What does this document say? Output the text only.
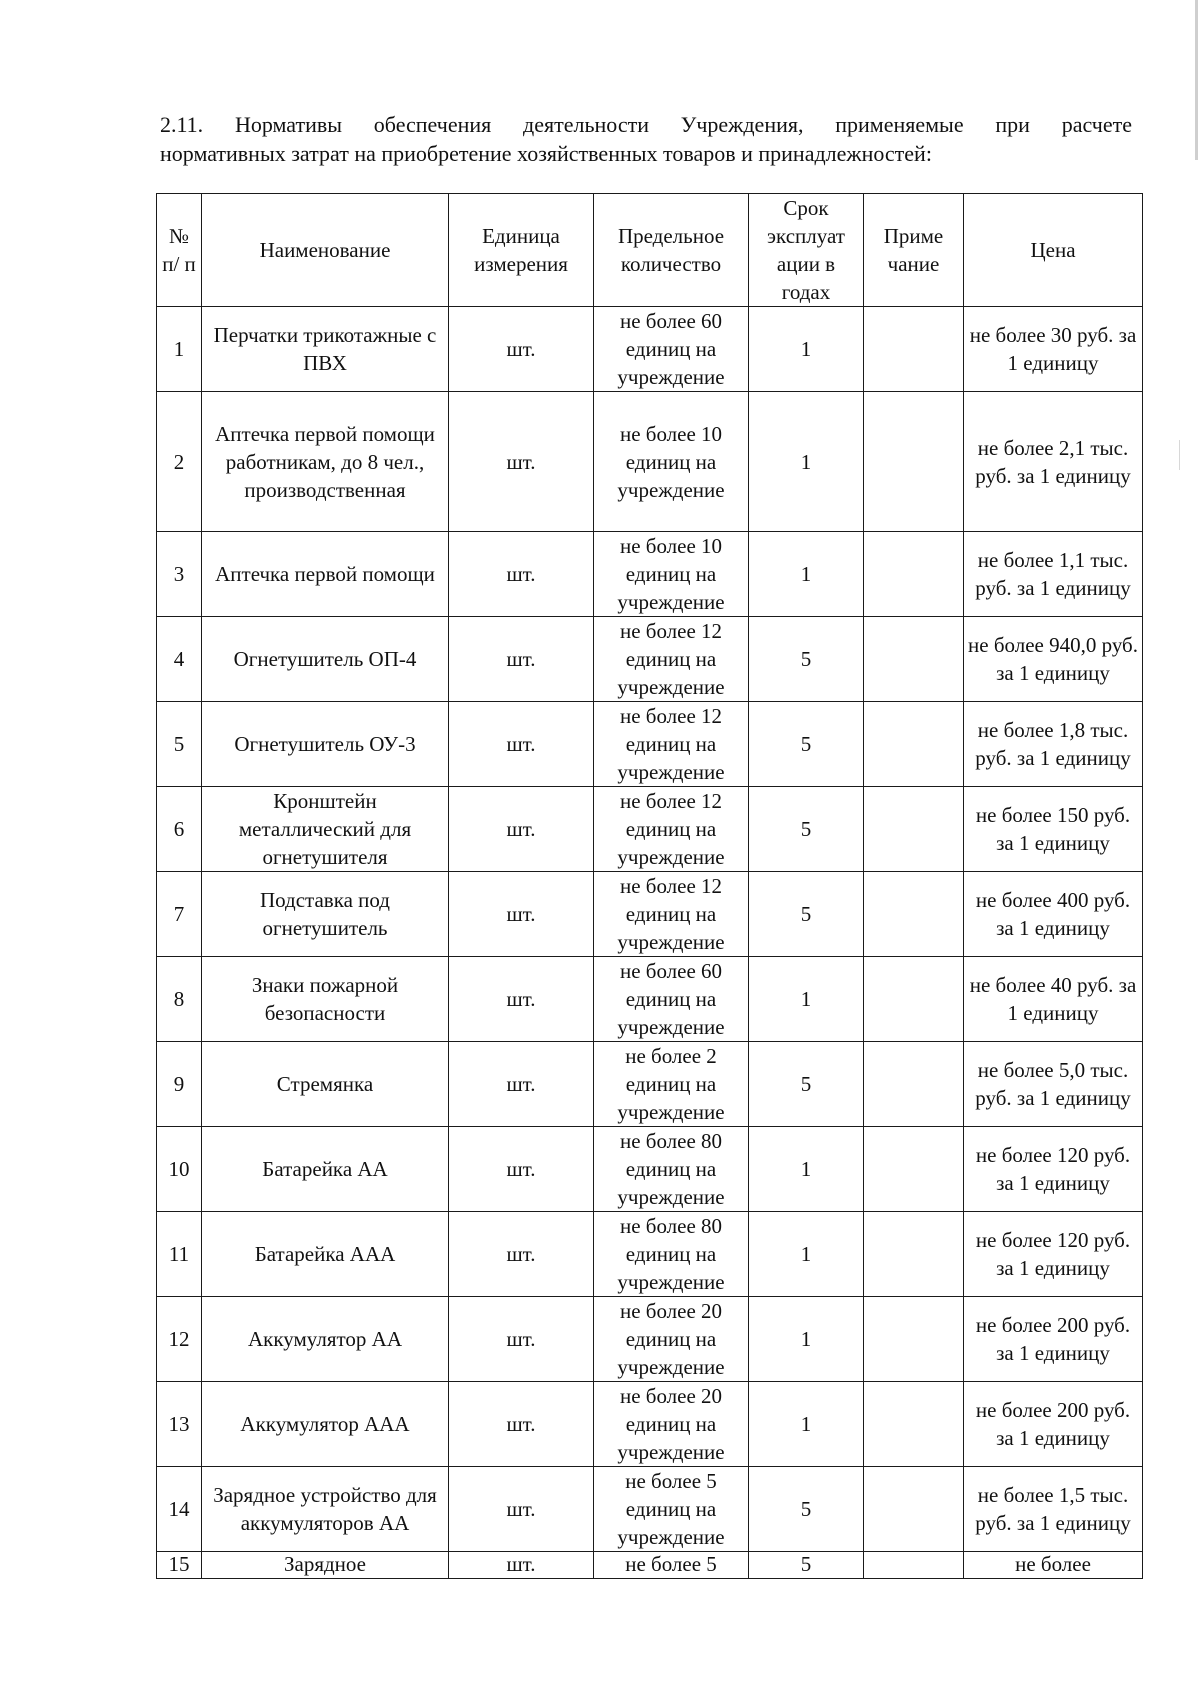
2.11. Нормативы обеспечения деятельности Учреждения, применяемые при расчете
нормативных затрат на приобретение хозяйственных товаров и принадлежностей:
№ п/ п	Наименование	Единица измерения	Предельное количество	Срок эксплуат ации в годах	Приме чание	Цена
1	Перчатки трикотажные с ПВХ	шт.	не более 60 единиц на учреждение	1		не более 30 руб. за 1 единицу
2	Аптечка первой помощи работникам, до 8 чел., производственная	шт.	не более 10 единиц на учреждение	1		не более 2,1 тыс. руб. за 1 единицу
3	Аптечка первой помощи	шт.	не более 10 единиц на учреждение	1		не более 1,1 тыс. руб. за 1 единицу
4	Огнетушитель ОП-4	шт.	не более 12 единиц на учреждение	5		не более 940,0 руб. за 1 единицу
5	Огнетушитель ОУ-3	шт.	не более 12 единиц на учреждение	5		не более 1,8 тыс. руб. за 1 единицу
6	Кронштейн металлический для огнетушителя	шт.	не более 12 единиц на учреждение	5		не более 150 руб. за 1 единицу
7	Подставка под огнетушитель	шт.	не более 12 единиц на учреждение	5		не более 400 руб. за 1 единицу
8	Знаки пожарной безопасности	шт.	не более 60 единиц на учреждение	1		не более 40 руб. за 1 единицу
9	Стремянка	шт.	не более 2 единиц на учреждение	5		не более 5,0 тыс. руб. за 1 единицу
10	Батарейка АА	шт.	не более 80 единиц на учреждение	1		не более 120 руб. за 1 единицу
11	Батарейка ААА	шт.	не более 80 единиц на учреждение	1		не более 120 руб. за 1 единицу
12	Аккумулятор АА	шт.	не более 20 единиц на учреждение	1		не более 200 руб. за 1 единицу
13	Аккумулятор ААА	шт.	не более 20 единиц на учреждение	1		не более 200 руб. за 1 единицу
14	Зарядное устройство для аккумуляторов АА	шт.	не более 5 единиц на учреждение	5		не более 1,5 тыс. руб. за 1 единицу
15	Зарядное	шт.	не более 5	5		не более
